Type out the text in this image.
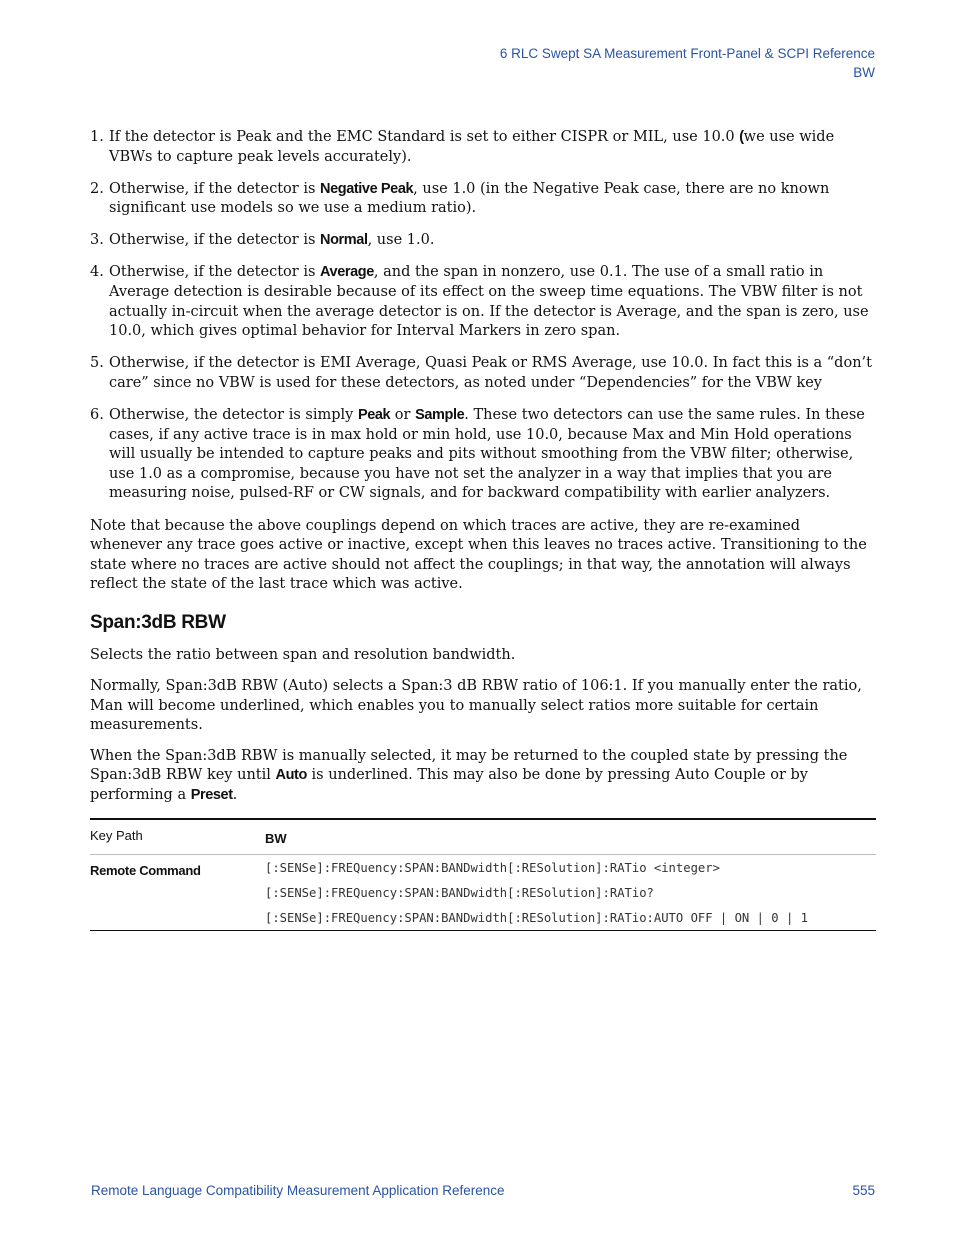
6 RLC Swept SA Measurement Front-Panel & SCPI Reference
BW
1. If the detector is Peak and the EMC Standard is set to either CISPR or MIL, use 10.0 (we use wide VBWs to capture peak levels accurately).
2. Otherwise, if the detector is Negative Peak, use 1.0 (in the Negative Peak case, there are no known significant use models so we use a medium ratio).
3. Otherwise, if the detector is Normal, use 1.0.
4. Otherwise, if the detector is Average, and the span in nonzero, use 0.1. The use of a small ratio in Average detection is desirable because of its effect on the sweep time equations. The VBW filter is not actually in-circuit when the average detector is on. If the detector is Average, and the span is zero, use 10.0, which gives optimal behavior for Interval Markers in zero span.
5. Otherwise, if the detector is EMI Average, Quasi Peak or RMS Average, use 10.0. In fact this is a “don’t care” since no VBW is used for these detectors, as noted under “Dependencies” for the VBW key
6. Otherwise, the detector is simply Peak or Sample. These two detectors can use the same rules. In these cases, if any active trace is in max hold or min hold, use 10.0, because Max and Min Hold operations will usually be intended to capture peaks and pits without smoothing from the VBW filter; otherwise, use 1.0 as a compromise, because you have not set the analyzer in a way that implies that you are measuring noise, pulsed-RF or CW signals, and for backward compatibility with earlier analyzers.

Note that because the above couplings depend on which traces are active, they are re-examined whenever any trace goes active or inactive, except when this leaves no traces active. Transitioning to the state where no traces are active should not affect the couplings; in that way, the annotation will always reflect the state of the last trace which was active.

Span:3dB RBW

Selects the ratio between span and resolution bandwidth.

Normally, Span:3dB RBW (Auto) selects a Span:3 dB RBW ratio of 106:1. If you manually enter the ratio, Man will become underlined, which enables you to manually select ratios more suitable for certain measurements.

When the Span:3dB RBW is manually selected, it may be returned to the coupled state by pressing the Span:3dB RBW key until Auto is underlined. This may also be done by pressing Auto Couple or by performing a Preset.

Key Path	BW

Remote Command	[:SENSe]:FREQuency:SPAN:BANDwidth[:RESolution]:RATio <integer>
[:SENSe]:FREQuency:SPAN:BANDwidth[:RESolution]:RATio?
[:SENSe]:FREQuency:SPAN:BANDwidth[:RESolution]:RATio:AUTO OFF | ON | 0 | 1
Remote Language Compatibility Measurement Application Reference	555
